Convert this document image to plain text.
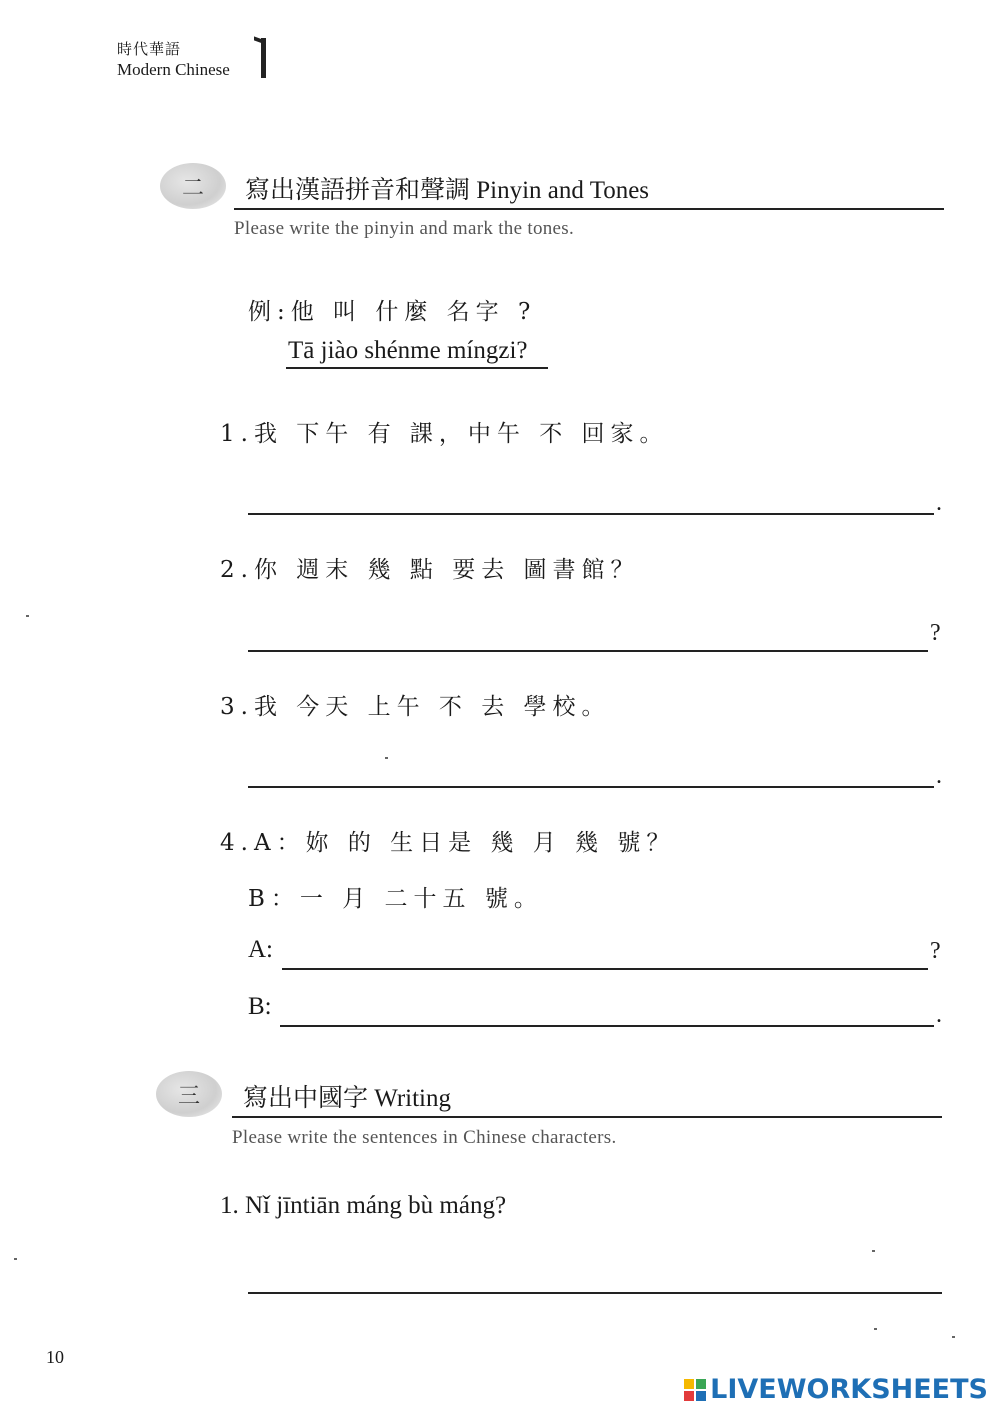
時代華語
Modern Chinese
二	寫出漢語拼音和聲調 Pinyin and Tones
Please write the pinyin and mark the tones.
例:他 叫 什麼 名字 ?
Tā jiào shénme míngzi?
1.我 下午 有 課，中午 不 回家。
.
2.你 週末 幾 點 要去 圖書館？
?
3.我 今天 上午 不 去 學校。
.
4.A：妳 的 生日是 幾 月 幾 號？
B：一 月 二十五 號。
A:	?
B:	.
三	寫出中國字 Writing
Please write the sentences in Chinese characters.
1. Nǐ jīntiān máng bù máng?
10
LIVEWORKSHEETS
